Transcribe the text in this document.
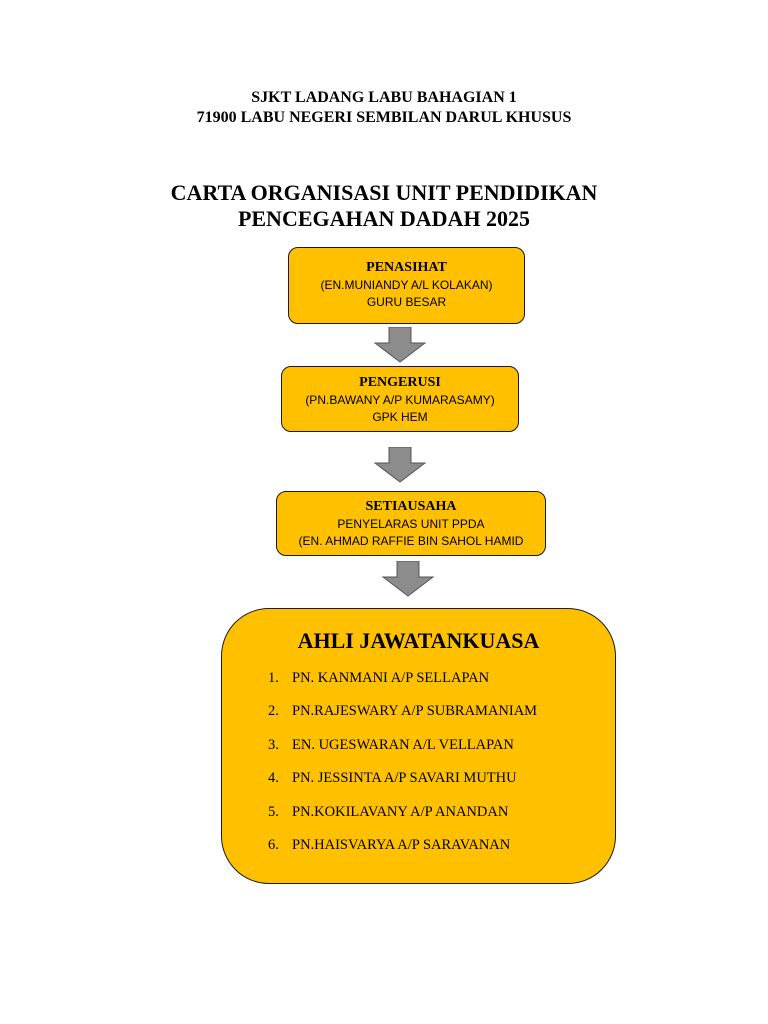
SJKT LADANG LABU BAHAGIAN 1
71900 LABU NEGERI SEMBILAN DARUL KHUSUS
CARTA ORGANISASI UNIT PENDIDIKAN
PENCEGAHAN DADAH 2025
PENASIHAT
(EN.MUNIANDY A/L KOLAKAN)
GURU BESAR
PENGERUSI
(PN.BAWANY A/P KUMARASAMY)
GPK HEM
SETIAUSAHA
PENYELARAS UNIT PPDA
(EN. AHMAD RAFFIE BIN SAHOL HAMID
AHLI JAWATANKUASA
1. PN. KANMANI A/P SELLAPAN
2. PN.RAJESWARY A/P SUBRAMANIAM
3. EN. UGESWARAN A/L VELLAPAN
4. PN. JESSINTA A/P SAVARI MUTHU
5. PN.KOKILAVANY A/P ANANDAN
6. PN.HAISVARYA A/P SARAVANAN
